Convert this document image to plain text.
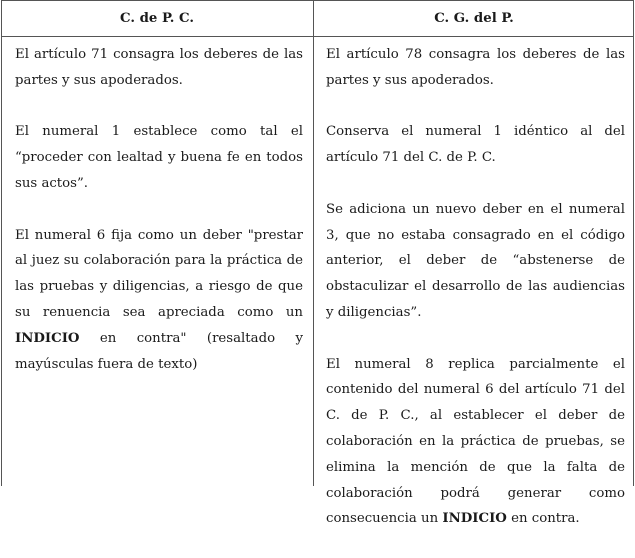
C. de P. C.	C. G. del P.

El artículo 71 consagra los deberes de las partes y sus apoderados.

El numeral 1 establece como tal el “proceder con lealtad y buena fe en todos sus actos”.

El numeral 6 fija como un deber "prestar al juez su colaboración para la práctica de las pruebas y diligencias, a riesgo de que su renuencia sea apreciada como un INDICIO en contra" (resaltado y mayúsculas fuera de texto)

El artículo 78 consagra los deberes de las partes y sus apoderados.

Conserva el numeral 1 idéntico al del artículo 71 del C. de P. C.

Se adiciona un nuevo deber en el numeral 3, que no estaba consagrado en el código anterior, el deber de “abstenerse de obstaculizar el desarrollo de las audiencias y diligencias”.

El numeral 8 replica parcialmente el contenido del numeral 6 del artículo 71 del C. de P. C., al establecer el deber de colaboración en la práctica de pruebas, se elimina la mención de que la falta de colaboración podrá generar como consecuencia un INDICIO en contra.
